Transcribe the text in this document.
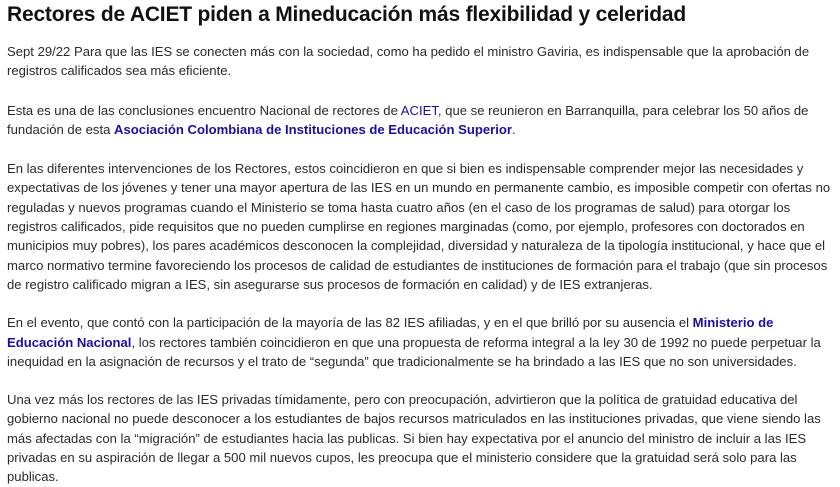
Rectores de ACIET piden a Mineducación más flexibilidad y celeridad

Sept 29/22 Para que las IES se conecten más con la sociedad, como ha pedido el ministro Gaviria, es indispensable que la aprobación de registros calificados sea más eficiente.

Esta es una de las conclusiones encuentro Nacional de rectores de ACIET, que se reunieron en Barranquilla, para celebrar los 50 años de fundación de esta Asociación Colombiana de Instituciones de Educación Superior.

En las diferentes intervenciones de los Rectores, estos coincidieron en que si bien es indispensable comprender mejor las necesidades y expectativas de los jóvenes y tener una mayor apertura de las IES en un mundo en permanente cambio, es imposible competir con ofertas no reguladas y nuevos programas cuando el Ministerio se toma hasta cuatro años (en el caso de los programas de salud) para otorgar los registros calificados, pide requisitos que no pueden cumplirse en regiones marginadas (como, por ejemplo, profesores con doctorados en municipios muy pobres), los pares académicos desconocen la complejidad, diversidad y naturaleza de la tipología institucional, y hace que el marco normativo termine favoreciendo los procesos de calidad de estudiantes de instituciones de formación para el trabajo (que sin procesos de registro calificado migran a IES, sin asegurarse sus procesos de formación en calidad) y de IES extranjeras.

En el evento, que contó con la participación de la mayoría de las 82 IES afiliadas, y en el que brilló por su ausencia el Ministerio de Educación Nacional, los rectores también coincidieron en que una propuesta de reforma integral a la ley 30 de 1992 no puede perpetuar la inequidad en la asignación de recursos y el trato de “segunda” que tradicionalmente se ha brindado a las IES que no son universidades.

Una vez más los rectores de las IES privadas tímidamente, pero con preocupación, advirtieron que la política de gratuidad educativa del gobierno nacional no puede desconocer a los estudiantes de bajos recursos matriculados en las instituciones privadas, que viene siendo las más afectadas con la “migración” de estudiantes hacia las publicas. Si bien hay expectativa por el anuncio del ministro de incluir a las IES privadas en su aspiración de llegar a 500 mil nuevos cupos, les preocupa que el ministerio considere que la gratuidad será solo para las publicas.
